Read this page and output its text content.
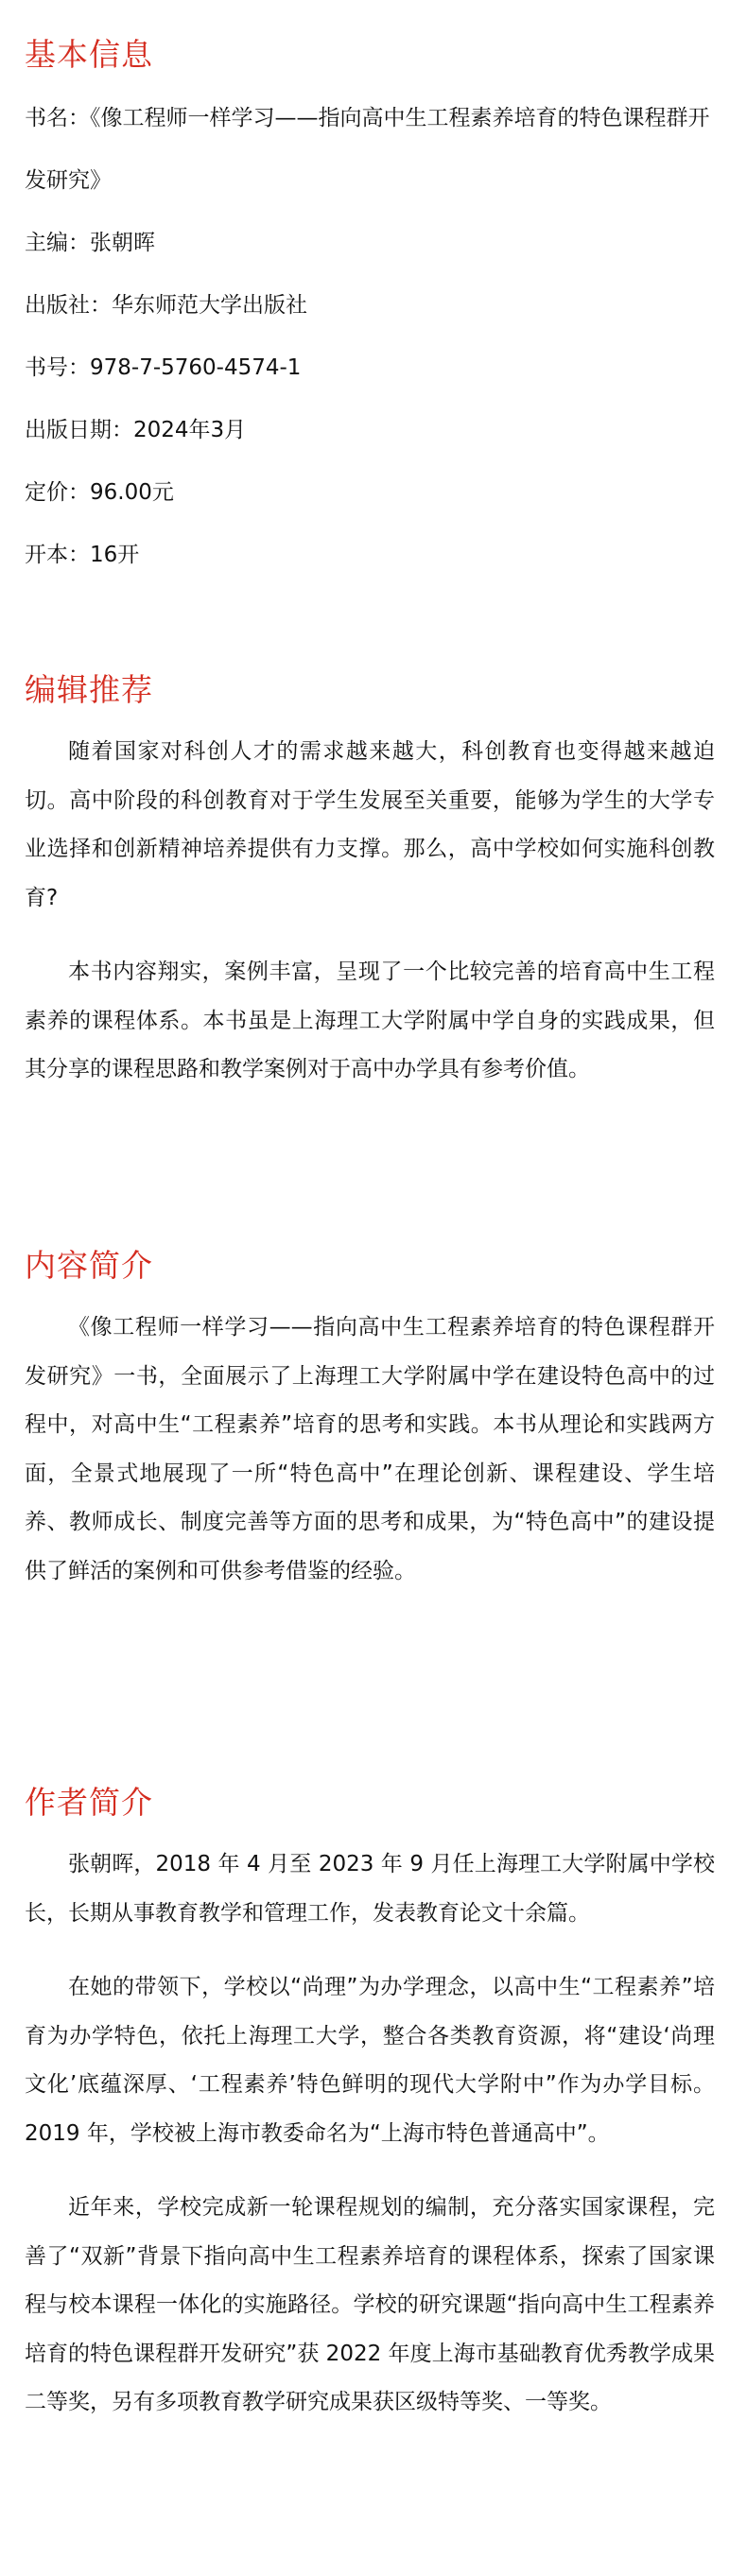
基本信息

书名：《像工程师一样学习——指向高中生工程素养培育的特色课程群开发研究》

主编：张朝晖

出版社：华东师范大学出版社

书号：978-7-5760-4574-1

出版日期：2024年3月

定价：96.00元

开本：16开

编辑推荐

随着国家对科创人才的需求越来越大，科创教育也变得越来越迫切。高中阶段的科创教育对于学生发展至关重要，能够为学生的大学专业选择和创新精神培养提供有力支撑。那么，高中学校如何实施科创教育?

本书内容翔实，案例丰富，呈现了一个比较完善的培育高中生工程素养的课程体系。本书虽是上海理工大学附属中学自身的实践成果，但其分享的课程思路和教学案例对于高中办学具有参考价值。

内容简介

《像工程师一样学习——指向高中生工程素养培育的特色课程群开发研究》一书，全面展示了上海理工大学附属中学在建设特色高中的过程中，对高中生“工程素养”培育的思考和实践。本书从理论和实践两方面，全景式地展现了一所“特色高中”在理论创新、课程建设、学生培养、教师成长、制度完善等方面的思考和成果，为“特色高中”的建设提供了鲜活的案例和可供参考借鉴的经验。

作者简介

张朝晖，2018 年 4 月至 2023 年 9 月任上海理工大学附属中学校长，长期从事教育教学和管理工作，发表教育论文十余篇。

在她的带领下，学校以“尚理”为办学理念，以高中生“工程素养”培育为办学特色，依托上海理工大学，整合各类教育资源，将“建设‘尚理文化’底蕴深厚、‘工程素养’特色鲜明的现代大学附中”作为办学目标。2019 年，学校被上海市教委命名为“上海市特色普通高中”。

近年来，学校完成新一轮课程规划的编制，充分落实国家课程，完善了“双新”背景下指向高中生工程素养培育的课程体系，探索了国家课程与校本课程一体化的实施路径。学校的研究课题“指向高中生工程素养培育的特色课程群开发研究”获 2022 年度上海市基础教育优秀教学成果二等奖，另有多项教育教学研究成果获区级特等奖、一等奖。
